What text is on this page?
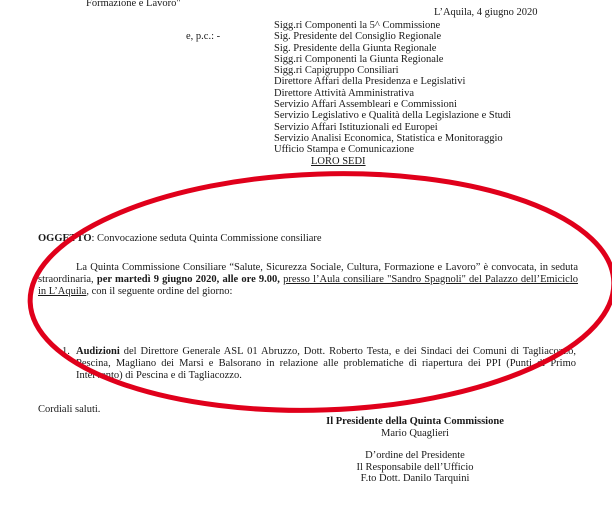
Formazione e Lavoro"
L’Aquila, 4 giugno 2020
e, p.c.: -
Sigg.ri Componenti la 5^ Commissione
Sig. Presidente del Consiglio Regionale
Sig. Presidente della Giunta Regionale
Sigg.ri Componenti la Giunta Regionale
Sigg.ri Capigruppo Consiliari
Direttore Affari della Presidenza e Legislativi
Direttore Attività Amministrativa
Servizio Affari Assembleari e Commissioni
Servizio Legislativo e Qualità della Legislazione e Studi
Servizio Affari Istituzionali ed Europei
Servizio Analisi Economica, Statistica e Monitoraggio
Ufficio Stampa e Comunicazione
LORO SEDI
OGGETTO: Convocazione seduta Quinta Commissione consiliare

La Quinta Commissione Consiliare “Salute, Sicurezza Sociale, Cultura, Formazione e Lavoro” è convocata, in seduta straordinaria, per martedì 9 giugno 2020, alle ore 9.00, presso l’Aula consiliare "Sandro Spagnoli" del Palazzo dell’Emiciclo in L’Aquila, con il seguente ordine del giorno:

1. Audizioni del Direttore Generale ASL 01 Abruzzo, Dott. Roberto Testa, e dei Sindaci dei Comuni di Tagliacozzo, Pescina, Magliano dei Marsi e Balsorano in relazione alle problematiche di riapertura dei PPI (Punti di Primo Intervento) di Pescina e di Tagliacozzo.
Cordiali saluti.
Il Presidente della Quinta Commissione
Mario Quaglieri
D’ordine del Presidente
Il Responsabile dell’Ufficio
F.to Dott. Danilo Tarquini
